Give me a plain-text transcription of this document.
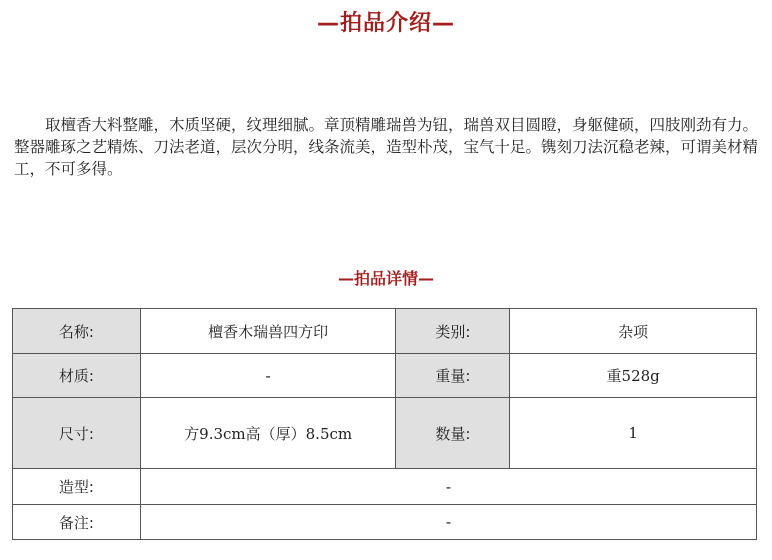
—拍品介绍—

取檀香大料整雕，木质坚硬，纹理细腻。章顶精雕瑞兽为钮，瑞兽双目圆瞪，身躯健硕，四肢刚劲有力。整器雕琢之艺精炼、刀法老道，层次分明，线条流美，造型朴茂，宝气十足。镌刻刀法沉稳老辣，可谓美材精工，不可多得。

—拍品详情—
名称:	檀香木瑞兽四方印	类别:	杂项
材质:	-	重量:	重528g
尺寸:	方9.3cm高（厚）8.5cm	数量:	1
造型:	-		
备注:	-		
